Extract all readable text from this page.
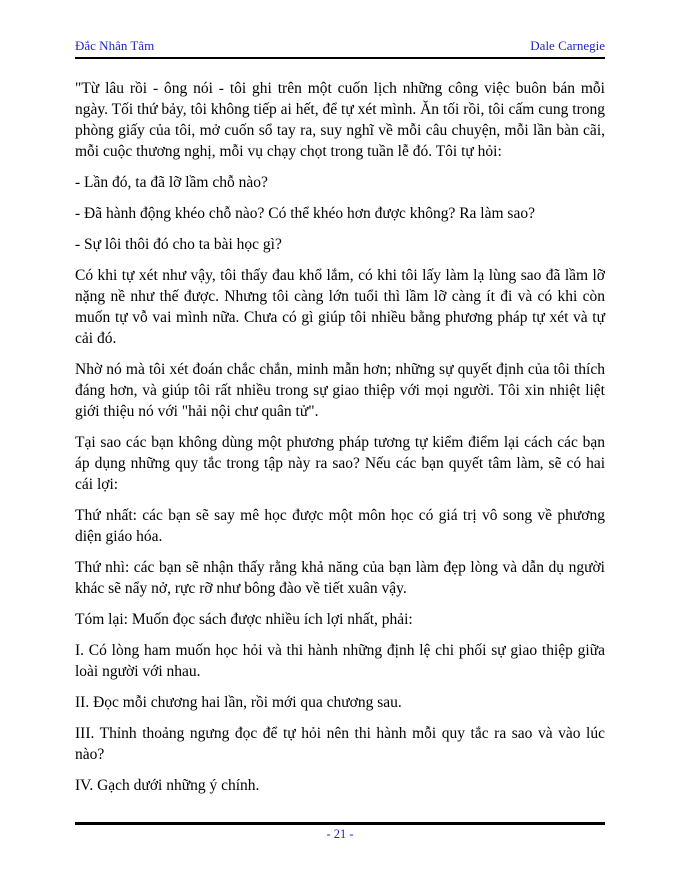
Đắc Nhân Tâm	Dale Carnegie

"Từ lâu rồi - ông nói - tôi ghi trên một cuốn lịch những công việc buôn bán mỗi ngày. Tối thứ bảy, tôi không tiếp ai hết, để tự xét mình. Ăn tối rồi, tôi cấm cung trong phòng giấy của tôi, mở cuốn sổ tay ra, suy nghĩ về mỗi câu chuyện, mỗi lần bàn cãi, mỗi cuộc thương nghị, mỗi vụ chạy chọt trong tuần lễ đó. Tôi tự hỏi:

- Lần đó, ta đã lỡ lầm chỗ nào?

- Đã hành động khéo chỗ nào? Có thể khéo hơn được không? Ra làm sao?

- Sự lôi thôi đó cho ta bài học gì?

Có khi tự xét như vậy, tôi thấy đau khổ lắm, có khi tôi lấy làm lạ lùng sao đã lầm lỡ nặng nề như thế được. Nhưng tôi càng lớn tuổi thì lầm lỡ càng ít đi và có khi còn muốn tự vỗ vai mình nữa. Chưa có gì giúp tôi nhiều bằng phương pháp tự xét và tự cải đó.

Nhờ nó mà tôi xét đoán chắc chắn, minh mẫn hơn; những sự quyết định của tôi thích đáng hơn, và giúp tôi rất nhiều trong sự giao thiệp với mọi người. Tôi xin nhiệt liệt giới thiệu nó với "hải nội chư quân tử".

Tại sao các bạn không dùng một phương pháp tương tự kiểm điểm lại cách các bạn áp dụng những quy tắc trong tập này ra sao? Nếu các bạn quyết tâm làm, sẽ có hai cái lợi:

Thứ nhất: các bạn sẽ say mê học được một môn học có giá trị vô song về phương diện giáo hóa.

Thứ nhì: các bạn sẽ nhận thấy rằng khả năng của bạn làm đẹp lòng và dẫn dụ người khác sẽ nẩy nở, rực rỡ như bông đào về tiết xuân vậy.

Tóm lại: Muốn đọc sách được nhiều ích lợi nhất, phải:

I. Có lòng ham muốn học hỏi và thi hành những định lệ chi phối sự giao thiệp giữa loài người với nhau.

II. Đọc mỗi chương hai lần, rồi mới qua chương sau.

III. Thỉnh thoảng ngưng đọc để tự hỏi nên thi hành mỗi quy tắc ra sao và vào lúc nào?

IV. Gạch dưới những ý chính.

- 21 -
